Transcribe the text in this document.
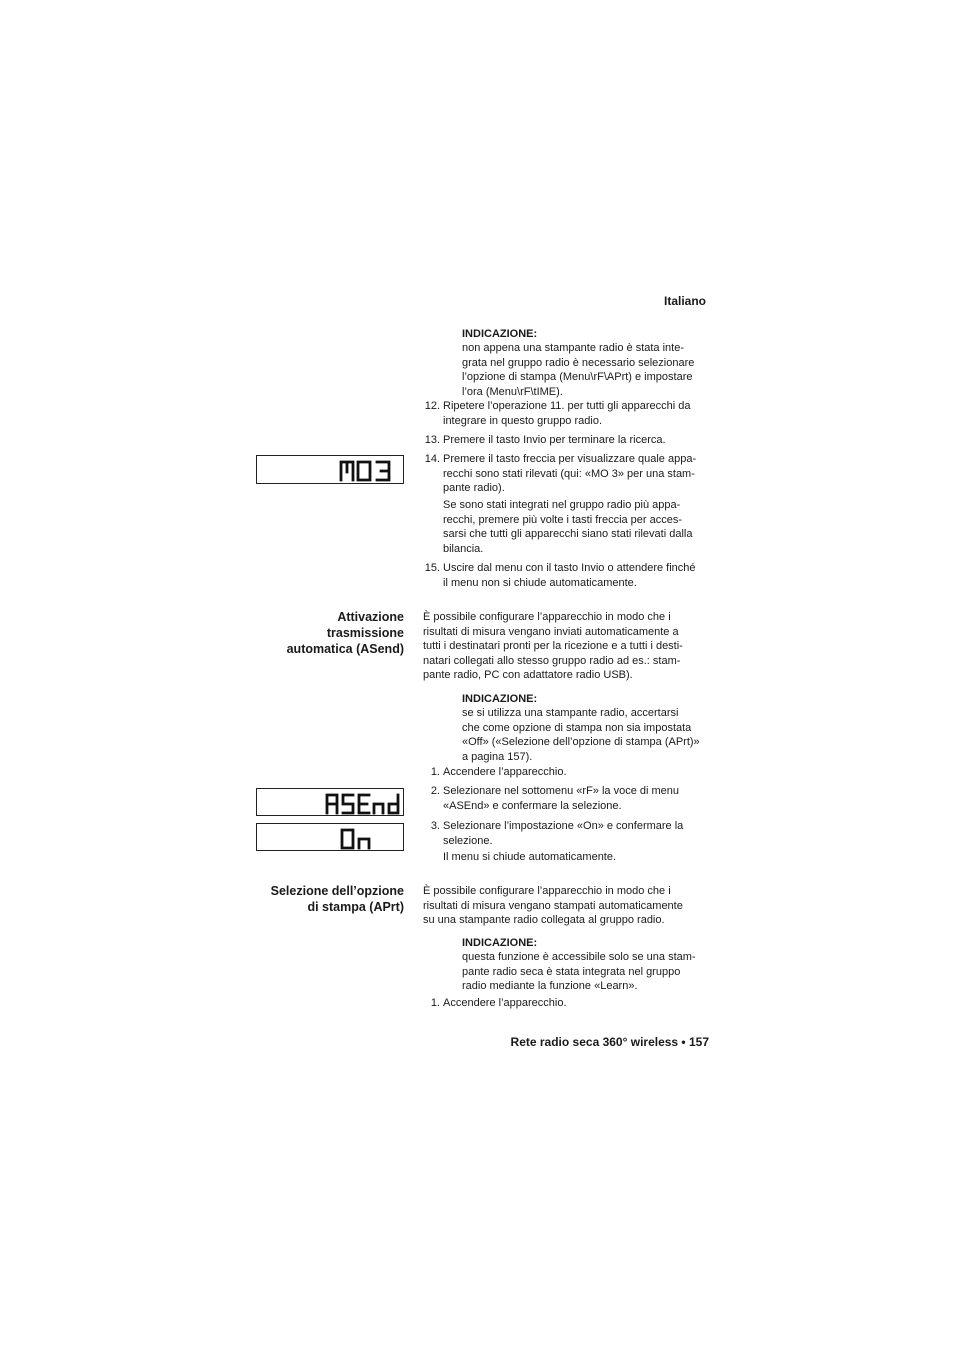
Italiano
INDICAZIONE:
non appena una stampante radio è stata inte-
grata nel gruppo radio è necessario selezionare
l’opzione di stampa (Menu\rF\APrt) e impostare
l’ora (Menu\rF\tIME).
12. Ripetere l’operazione 11. per tutti gli apparecchi da
integrare in questo gruppo radio.
13. Premere il tasto Invio per terminare la ricerca.
14. Premere il tasto freccia per visualizzare quale appa-
recchi sono stati rilevati (qui: «MO 3» per una stam-
pante radio).
Se sono stati integrati nel gruppo radio più appa-
recchi, premere più volte i tasti freccia per acces-
sarsi che tutti gli apparecchi siano stati rilevati dalla
bilancia.
15. Uscire dal menu con il tasto Invio o attendere finché
il menu non si chiude automaticamente.
Attivazione
trasmissione
automatica (ASend)
È possibile configurare l’apparecchio in modo che i
risultati di misura vengano inviati automaticamente a
tutti i destinatari pronti per la ricezione e a tutti i desti-
natari collegati allo stesso gruppo radio ad es.: stam-
pante radio, PC con adattatore radio USB).
INDICAZIONE:
se si utilizza una stampante radio, accertarsi
che come opzione di stampa non sia impostata
«Off» («Selezione dell’opzione di stampa (APrt)»
a pagina 157).
1. Accendere l’apparecchio.
2. Selezionare nel sottomenu «rF» la voce di menu
«ASEnd» e confermare la selezione.
3. Selezionare l’impostazione «On» e confermare la
selezione.
Il menu si chiude automaticamente.
Selezione dell’opzione
di stampa (APrt)
È possibile configurare l’apparecchio in modo che i
risultati di misura vengano stampati automaticamente
su una stampante radio collegata al gruppo radio.
INDICAZIONE:
questa funzione è accessibile solo se una stam-
pante radio seca è stata integrata nel gruppo
radio mediante la funzione «Learn».
1. Accendere l’apparecchio.
Rete radio seca 360° wireless • 157
